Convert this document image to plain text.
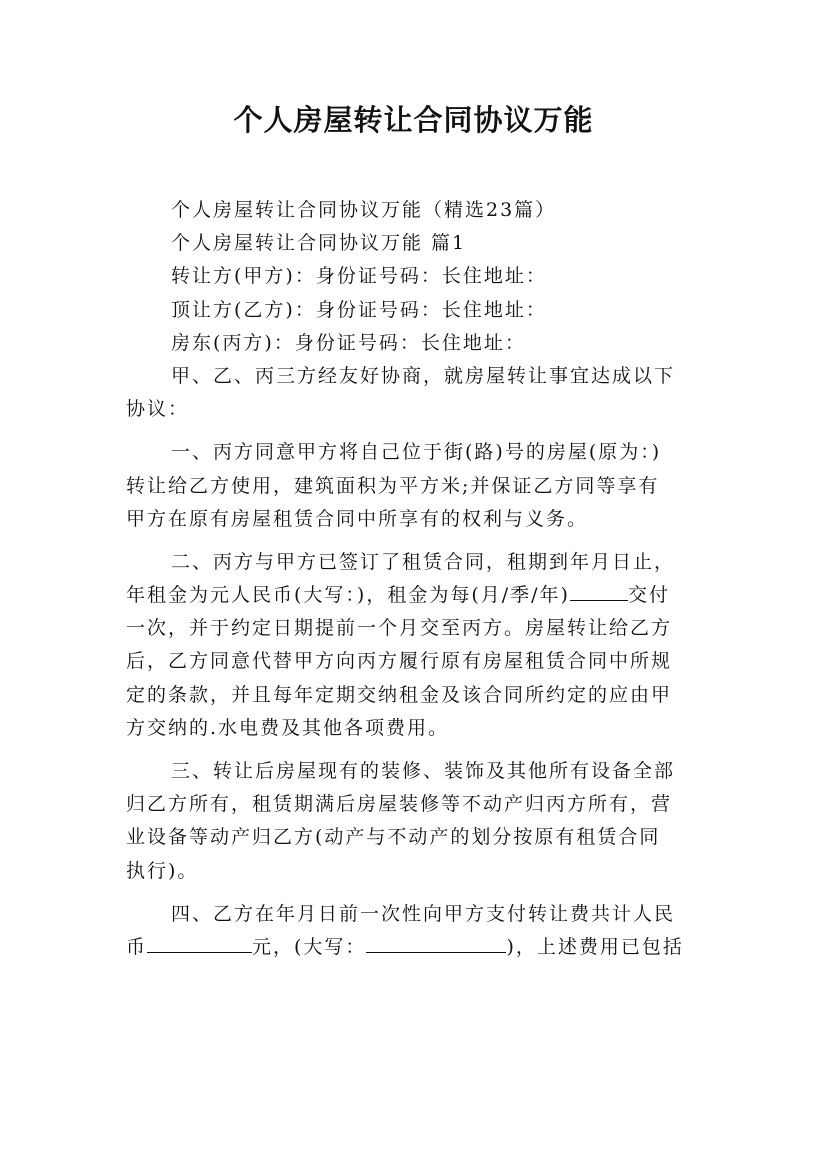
个人房屋转让合同协议万能
个人房屋转让合同协议万能（精选23篇）
个人房屋转让合同协议万能 篇1
转让方(甲方)：身份证号码：长住地址：
顶让方(乙方)：身份证号码：长住地址：
房东(丙方)：身份证号码：长住地址：
甲、乙、丙三方经友好协商，就房屋转让事宜达成以下
协议：
一、丙方同意甲方将自己位于街(路)号的房屋(原为：)
转让给乙方使用，建筑面积为平方米;并保证乙方同等享有
甲方在原有房屋租赁合同中所享有的权利与义务。
二、丙方与甲方已签订了租赁合同，租期到年月日止，
年租金为元人民币(大写：)，租金为每(月/季/年)	交付
一次，并于约定日期提前一个月交至丙方。房屋转让给乙方
后，乙方同意代替甲方向丙方履行原有房屋租赁合同中所规
定的条款，并且每年定期交纳租金及该合同所约定的应由甲
方交纳的.水电费及其他各项费用。
三、转让后房屋现有的装修、装饰及其他所有设备全部
归乙方所有，租赁期满后房屋装修等不动产归丙方所有，营
业设备等动产归乙方(动产与不动产的划分按原有租赁合同
执行)。
四、乙方在年月日前一次性向甲方支付转让费共计人民
币	元，(大写：	)，上述费用已包括
